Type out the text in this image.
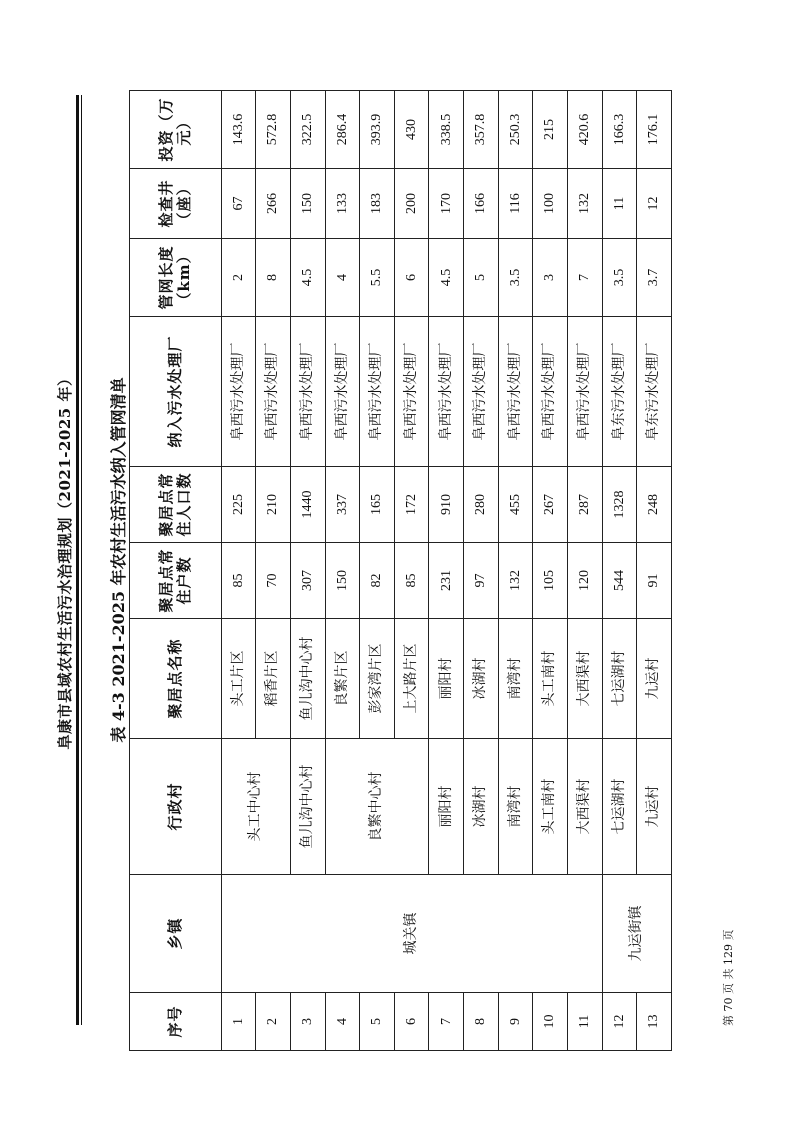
阜康市县域农村生活污水治理规划（2021-2025 年） 表 4-3 2021-2025 年农村生活污水纳入管网清单
序号	乡镇	行政村	聚居点名称	聚居点常住户数	聚居点常住人口数	纳入污水处理厂	管网长度（km）	检查井（座）	投资（万元）
1	城关镇	头工中心村	头工片区	85	225	阜西污水处理厂	2	67	143.6
2			稻香片区	70	210	阜西污水处理厂	8	266	572.8
3		鱼儿沟中心村	鱼儿沟中心村	307	1440	阜西污水处理厂	4.5	150	322.5
4		良繁中心村	良繁片区	150	337	阜西污水处理厂	4	133	286.4
5			彭家湾片区	82	165	阜西污水处理厂	5.5	183	393.9
6			上大路片区	85	172	阜西污水处理厂	6	200	430
7		丽阳村	丽阳村	231	910	阜西污水处理厂	4.5	170	338.5
8		冰湖村	冰湖村	97	280	阜西污水处理厂	5	166	357.8
9		南湾村	南湾村	132	455	阜西污水处理厂	3.5	116	250.3
10		头工南村	头工南村	105	267	阜西污水处理厂	3	100	215
11		大西渠村	大西渠村	120	287	阜西污水处理厂	7	132	420.6
12	九运街镇	七运湖村	七运湖村	544	1328	阜东污水处理厂	3.5	11	166.3
13		九运村	九运村	91	248	阜东污水处理厂	3.7	12	176.1
第 70 页 共 129 页
